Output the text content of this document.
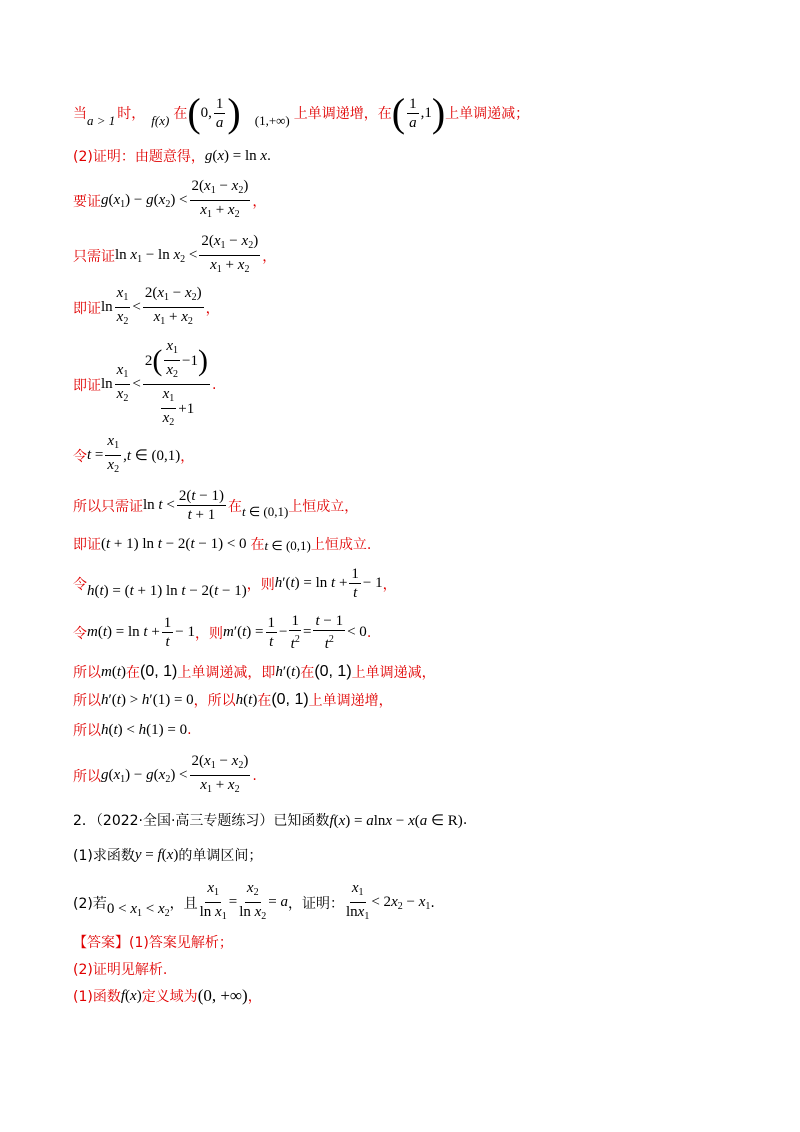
当 a > 1 时， f(x) 在 ( 0, $\frac{1}{a}$ ) (1,+∞) 上单调递增，在 ( $\frac{1}{a} ,1$ ) 上单调递减；
(2)证明：由题意得， g ( x ) = ln x .
要证 $g(x_1) - g(x_2) < \frac{2(x_1 - x_2)}{x_1 + x_2}$ ，
只需证 $\ln x_1 - \ln x_2 < \frac{2(x_1 - x_2)}{x_1 + x_2}$ ，
即证 $\ln \frac{x_1}{x_2} < \frac{2(x_1 - x_2)}{x_1 + x_2}$ ，
即证 $\ln \frac{x_1}{x_2} < \frac{2 ( \frac{x_1}{x_2} -1 )}{\frac{x_1}{x_2} +1}$ .
令 $t = \frac{x_1}{x_2} ,t$ ∈ (0,1) ，
所以只需证 $\ln t < \frac{2(t - 1)}{t + 1}$ 在 t ∈ (0,1) 上恒成立，
即证 (t + 1) ln t − 2(t − 1) < 0 在 t ∈ (0,1) 上恒成立.
令 h(t) = (t + 1) ln t − 2(t − 1) ，则 $h'(t) = \ln t + \frac{1}{t} - 1$ ，
令 $m(t) = \ln t + \frac{1}{t} - 1$ ，则 $m'(t) = \frac{1}{t} - \frac{1}{t^2} = \frac{t - 1}{t^2} < 0$ .
所以 m(t) 在 (0, 1) 上单调递减，即 h′(t) 在 (0, 1) 上单调递减，
所以 h′(t) > h′(1) = 0 ，所以 h(t) 在 (0, 1) 上单调递增，
所以 h(t) < h(1) = 0 .
所以 $g(x_1) - g(x_2) < \frac{2(x_1 - x_2)}{x_1 + x_2}$ .
2．（2022·全国·高三专题练习）已知函数 f(x) = alnx − x(a ∈ R) .
(1)求函数 y = f(x) 的单调区间；
(2)若 $0 < x_1 < x_2$
，且 $\frac{x_1}{\ln x_1} = \frac{x_2}{\ln x_2} = a$ ，证明： $\frac{x_1}{\ln x_1} < 2x_2 - x_1$ .
【答案】(1)答案见解析；
(2)证明见解析.
(1)函数 f(x) 定义域为 (0, +∞) ，
